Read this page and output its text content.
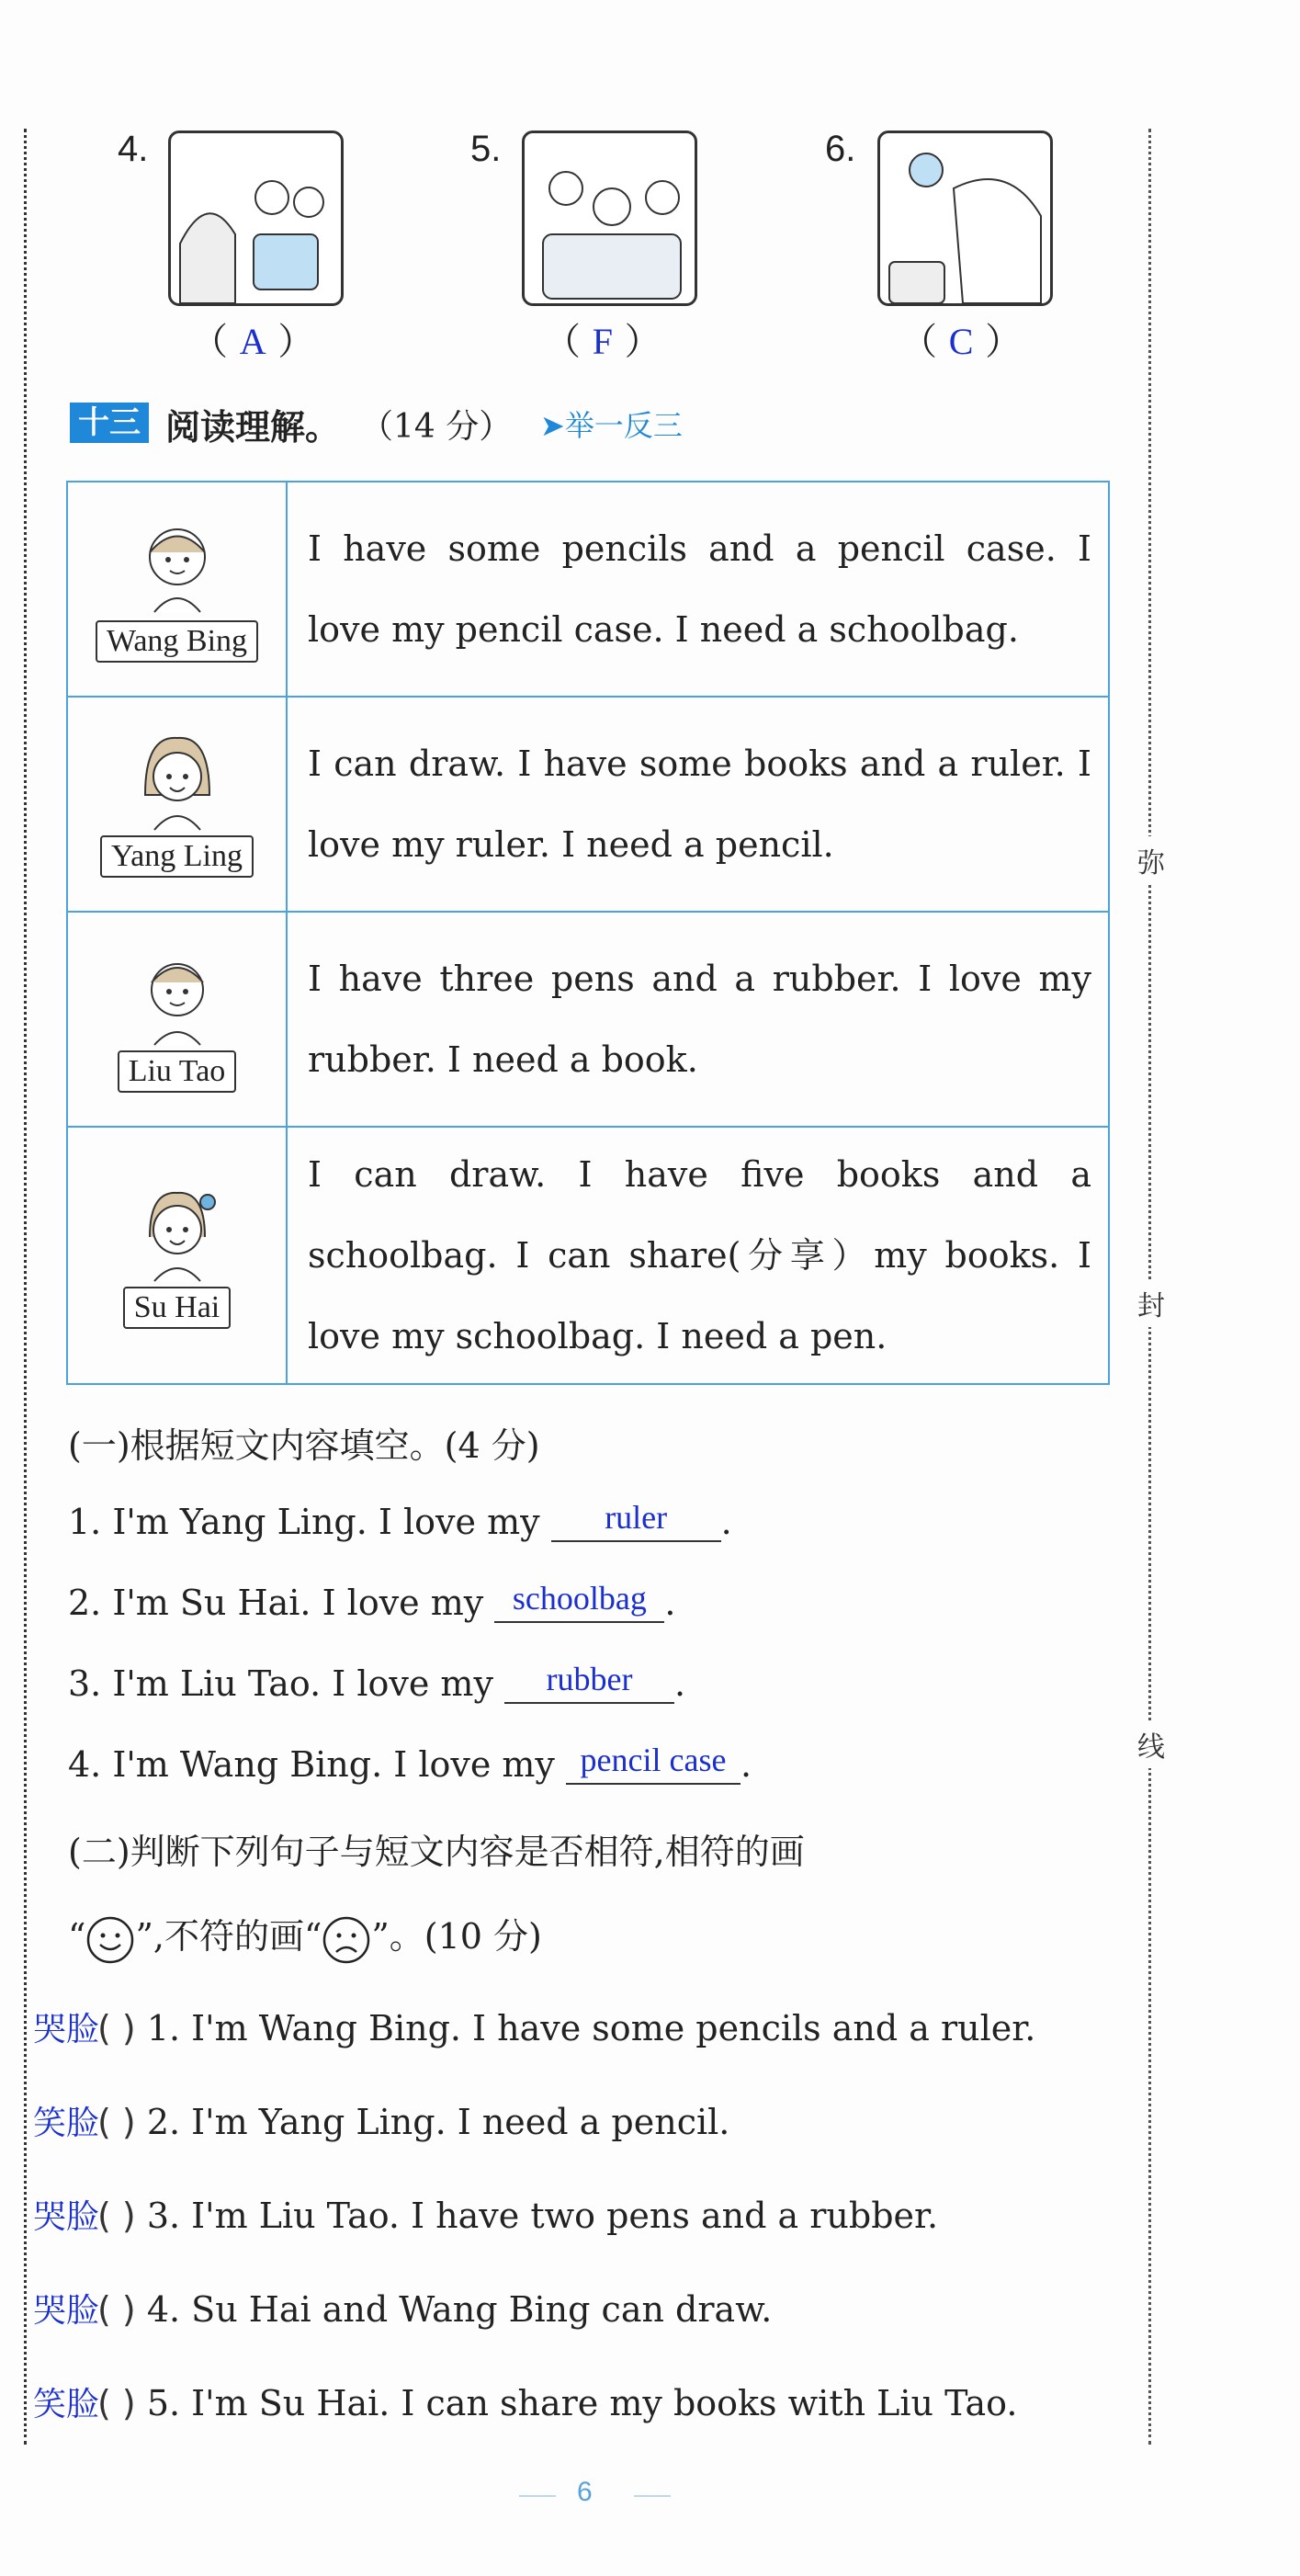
弥
封
线
4.
（ A ）
5.
（ F ）
6.
（ C ）
十三 阅读理解。 （14 分） ➤举一反三
Wang Bing	I have some pencils and a pencil case. I love my pencil case. I need a schoolbag.

Yang Ling	I can draw. I have some books and a ruler. I love my ruler. I need a pencil.

Liu Tao	I have three pens and a rubber. I love my rubber. I need a book.

Su Hai	I can draw. I have five books and a schoolbag. I can share(分享）my books. I love my schoolbag. I need a pen.
(一)根据短文内容填空。(4 分)
1. I'm Yang Ling. I love my ruler .
2. I'm Su Hai. I love my schoolbag .
3. I'm Liu Tao. I love my rubber .
4. I'm Wang Bing. I love my pencil case .
(二)判断下列句子与短文内容是否相符,相符的画
“ ”,不符的画“ ”。(10 分)
哭脸( ) 1. I'm Wang Bing. I have some pencils and a ruler.
笑脸( ) 2. I'm Yang Ling. I need a pencil.
哭脸( ) 3. I'm Liu Tao. I have two pens and a rubber.
哭脸( ) 4. Su Hai and Wang Bing can draw.
笑脸( ) 5. I'm Su Hai. I can share my books with Liu Tao.
6
